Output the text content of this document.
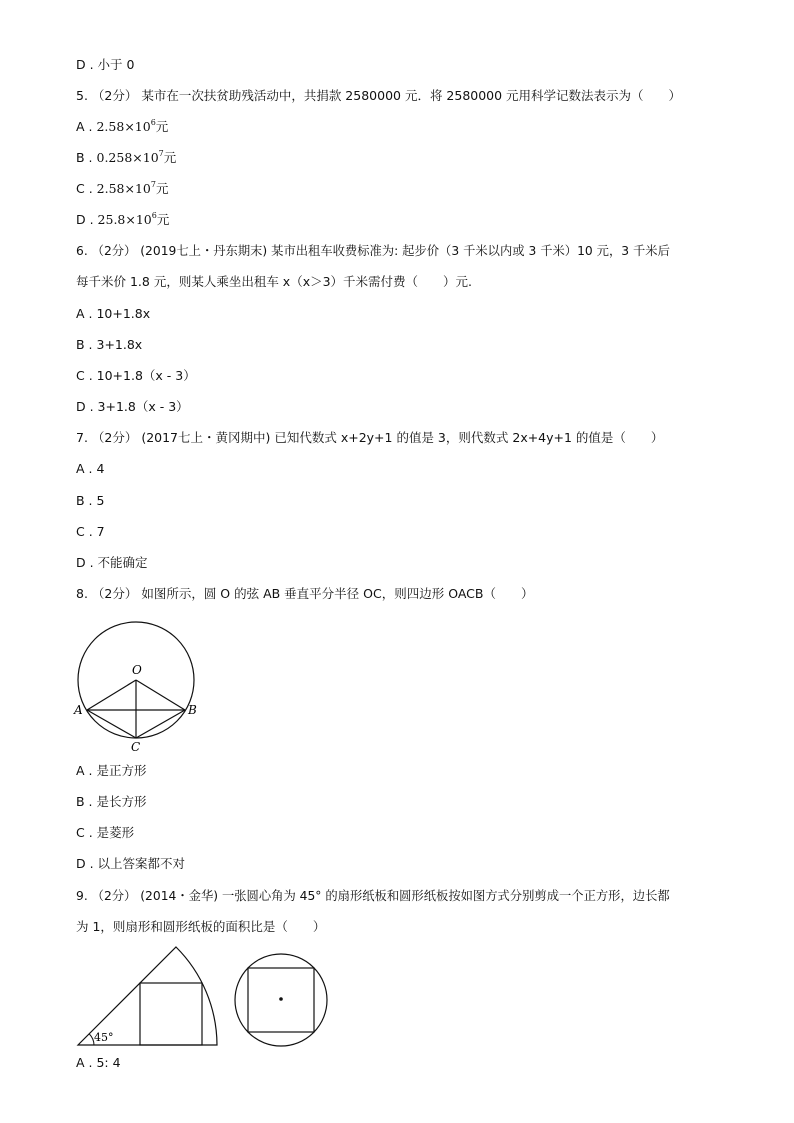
D . 小于 0
5. （2分） 某市在一次扶贫助残活动中，共捐款 2580000 元．将 2580000 元用科学记数法表示为（　　）
A . $2.58\times 10^6$元
B . $0.258\times 10^7$元
C . $2.58\times 10^7$元
D . $25.8\times 10^6$元
6. （2分） (2019七上・丹东期末) 某市出租车收费标准为: 起步价（3 千米以内或 3 千米）10 元，3 千米后
每千米价 1.8 元，则某人乘坐出租车 x（x＞3）千米需付费（　　）元.
A . 10+1.8x
B . 3+1.8x
C . 10+1.8（x - 3）
D . 3+1.8（x - 3）
7. （2分） (2017七上・黄冈期中) 已知代数式 x+2y+1 的值是 3，则代数式 2x+4y+1 的值是（　　）
A . 4
B . 5
C . 7
D . 不能确定
8. （2分） 如图所示，圆 O 的弦 AB 垂直平分半径 OC，则四边形 OACB（　　）
O
A	B
C
A . 是正方形
B . 是长方形
C . 是菱形
D . 以上答案都不对
9. （2分） (2014・金华) 一张圆心角为 45° 的扇形纸板和圆形纸板按如图方式分别剪成一个正方形，边长都
为 1，则扇形和圆形纸板的面积比是（　　）
45°
A . 5: 4
